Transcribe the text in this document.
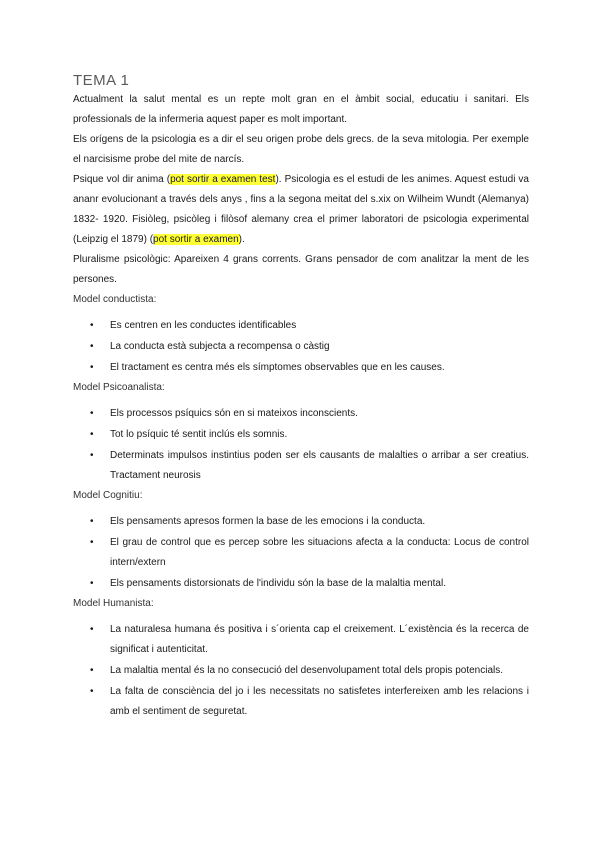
TEMA 1

Actualment la salut mental es un repte molt gran en el àmbit social, educatiu i sanitari. Els professionals de la infermeria aquest paper es molt important.

Els orígens de la psicologia es a dir el seu origen probe dels grecs. de la seva mitologia. Per exemple el narcisisme probe del mite de narcís.

Psique vol dir anima (pot sortir a examen test). Psicologia es el estudi de les animes. Aquest estudi va ananr evolucionant a través dels anys , fins a la segona meitat del s.xix on Wilheim Wundt (Alemanya) 1832- 1920. Fisiòleg, psicòleg i filòsof alemany crea el primer laboratori de psicologia experimental (Leipzig el 1879) (pot sortir a examen).

Pluralisme psicològic: Apareixen 4 grans corrents. Grans pensador de com analitzar la ment de les persones.

Model conductista:

• Es centren en les conductes identificables
• La conducta està subjecta a recompensa o càstig
• El tractament es centra més els símptomes observables que en les causes.

Model Psicoanalista:

• Els processos psíquics són en si mateixos inconscients.
• Tot lo psíquic té sentit inclús els somnis.
• Determinats impulsos instintius poden ser els causants de malalties o arribar a ser creatius. Tractament neurosis

Model Cognitiu:

• Els pensaments apresos formen la base de les emocions i la conducta.
• El grau de control que es percep sobre les situacions afecta a la conducta: Locus de control intern/extern
• Els pensaments distorsionats de l'individu són la base de la malaltia mental.

Model Humanista:

• La naturalesa humana és positiva i s´orienta cap el creixement. L´existència és la recerca de significat i autenticitat.
• La malaltia mental és la no consecució del desenvolupament total dels propis potencials.
• La falta de consciència del jo i les necessitats no satisfetes interfereixen amb les relacions i amb el sentiment de seguretat.
